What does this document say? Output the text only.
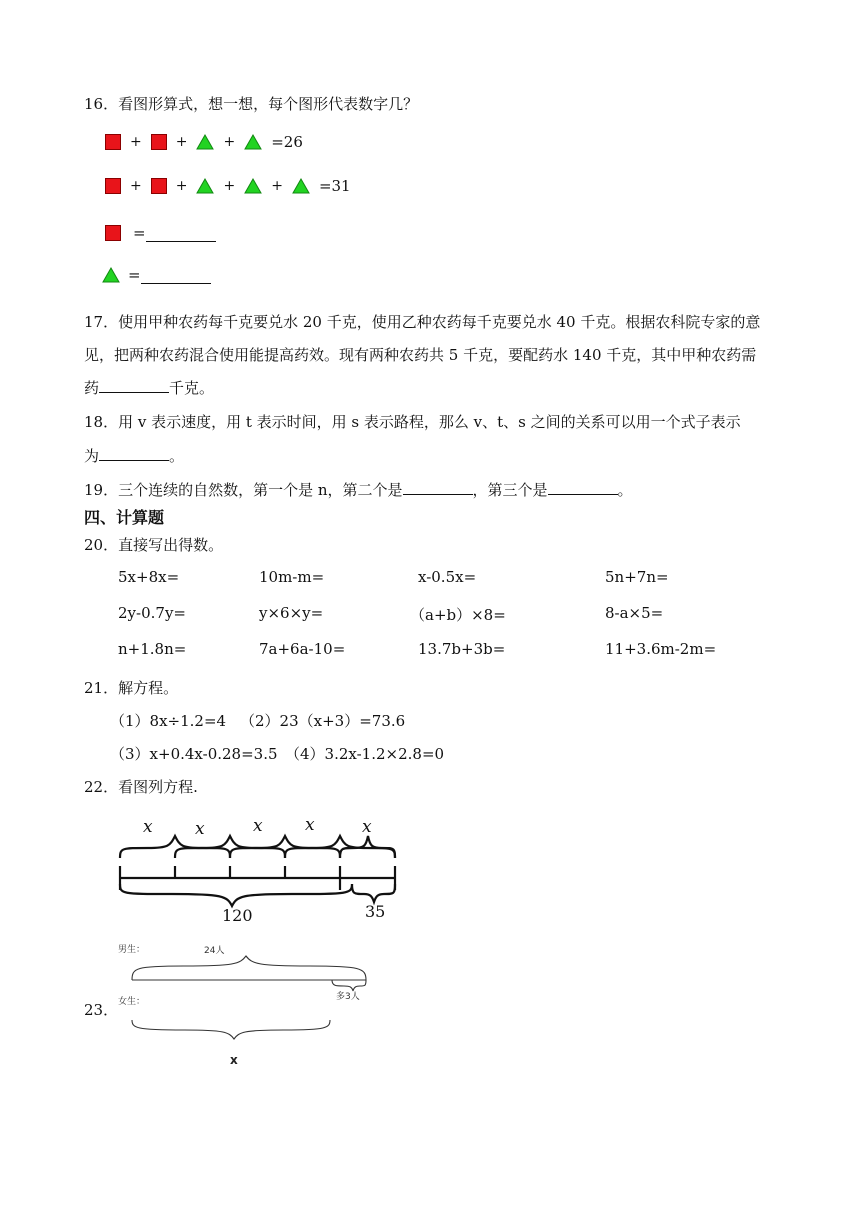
16．看图形算式，想一想，每个图形代表数字几？
+ +	+ =26
+ +	+	+ =31
=
=
17．使用甲种农药每千克要兑水 20 千克，使用乙种农药每千克要兑水 40 千克。根据农科院专家的意
见，把两种农药混合使用能提高药效。现有两种农药共 5 千克，要配药水 140 千克，其中甲种农药需
药	千克。
18．用 v 表示速度，用 t 表示时间，用 s 表示路程，那么 v、t、s 之间的关系可以用一个式子表示
为	。
19．三个连续的自然数，第一个是 n，第二个是	，第三个是	。
四、计算题
20．直接写出得数。
5x+8x=	10m-m=	x-0.5x=	5n+7n=
2y-0.7y=	y×6×y=	（a+b）×8=	8-a×5=
n+1.8n=	7a+6a-10=	13.7b+3b=	11+3.6m-2m=
21．解方程。
（1）8x÷1.2=4 （2）23（x+3）=73.6
（3）x+0.4x-0.28=3.5 （4）3.2x-1.2×2.8=0
22．看图列方程.
x x	x x	x
120	35
23．
男生：	24人
多3人
女生：
x
